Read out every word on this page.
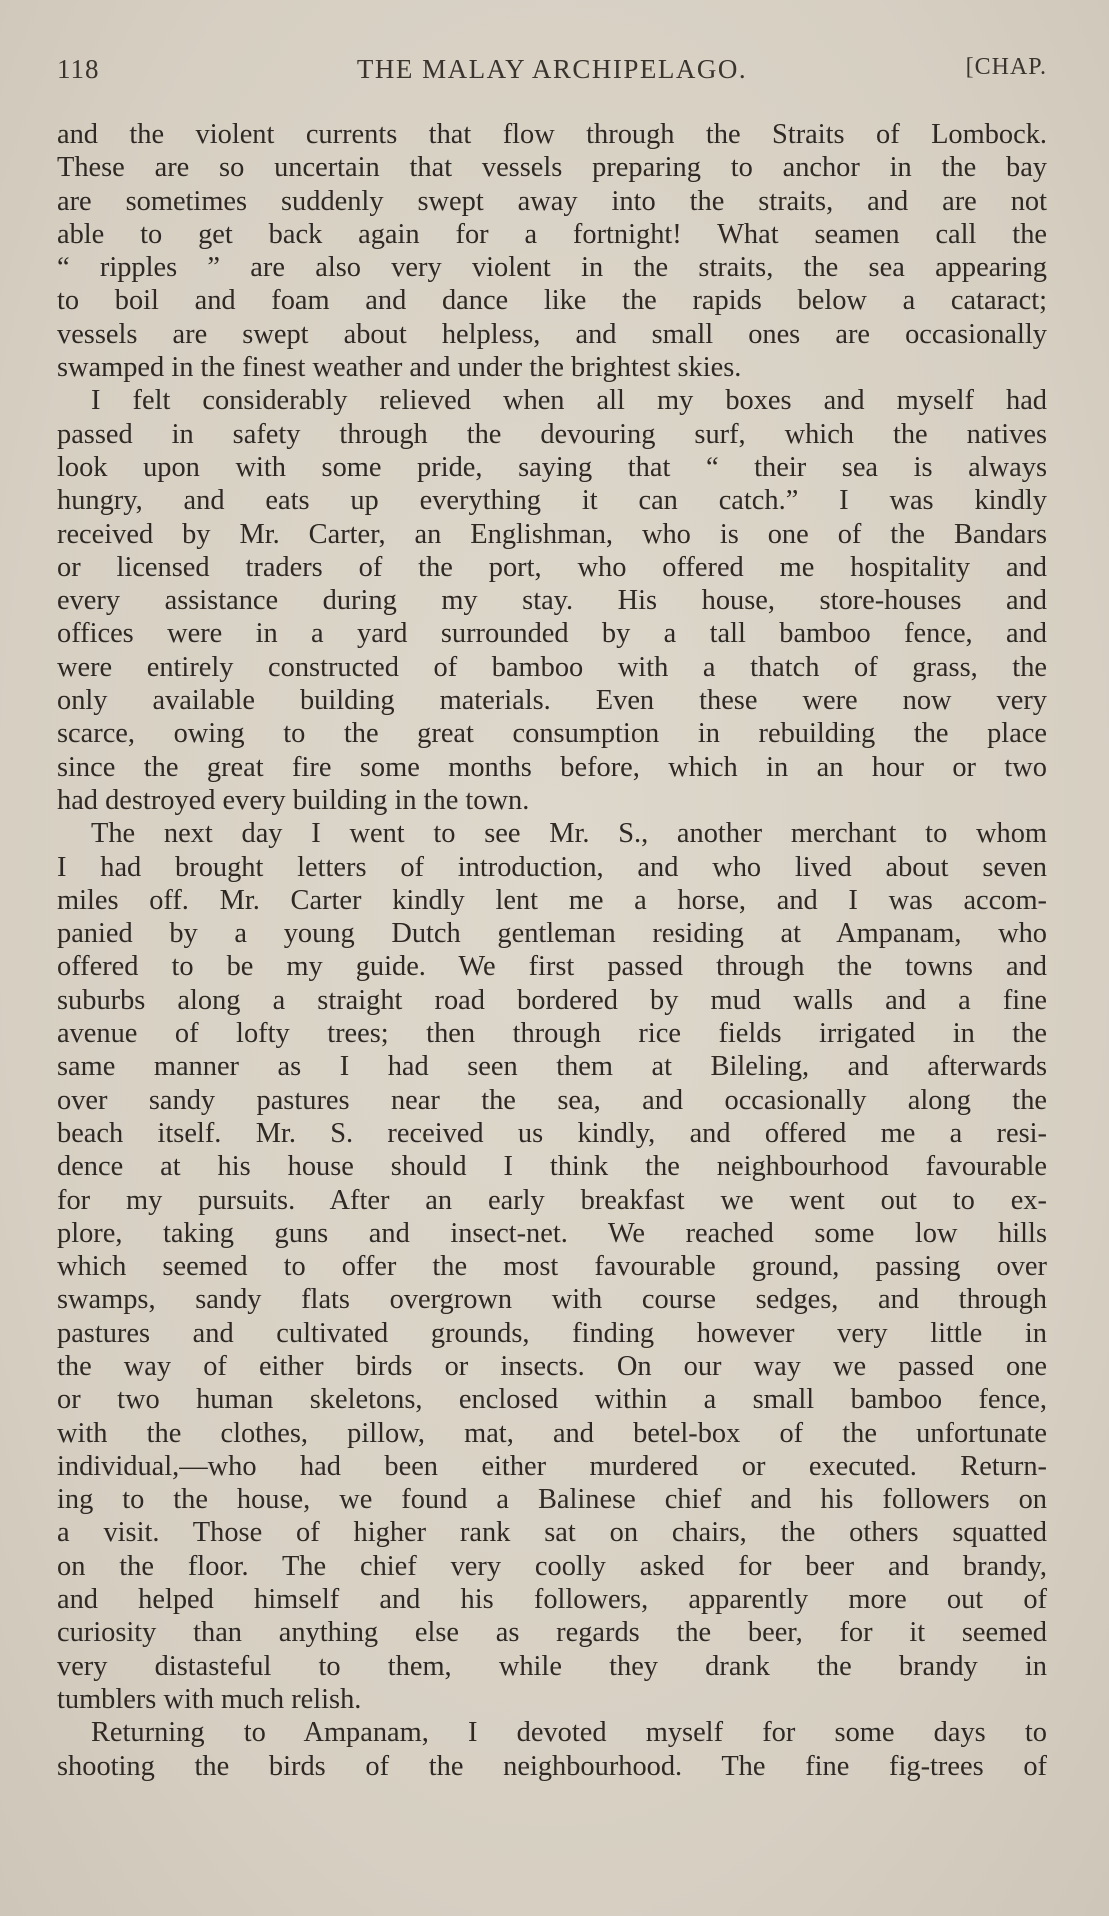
118	THE MALAY ARCHIPELAGO.	[CHAP.
and the violent currents that flow through the Straits of Lombock.
These are so uncertain that vessels preparing to anchor in the bay
are sometimes suddenly swept away into the straits, and are not
able to get back again for a fortnight! What seamen call the
“ ripples ” are also very violent in the straits, the sea appearing
to boil and foam and dance like the rapids below a cataract;
vessels are swept about helpless, and small ones are occasionally
swamped in the finest weather and under the brightest skies.
I felt considerably relieved when all my boxes and myself had
passed in safety through the devouring surf, which the natives
look upon with some pride, saying that “ their sea is always
hungry, and eats up everything it can catch.” I was kindly
received by Mr. Carter, an Englishman, who is one of the Bandars
or licensed traders of the port, who offered me hospitality and
every assistance during my stay. His house, store-houses and
offices were in a yard surrounded by a tall bamboo fence, and
were entirely constructed of bamboo with a thatch of grass, the
only available building materials. Even these were now very
scarce, owing to the great consumption in rebuilding the place
since the great fire some months before, which in an hour or two
had destroyed every building in the town.
The next day I went to see Mr. S., another merchant to whom
I had brought letters of introduction, and who lived about seven
miles off. Mr. Carter kindly lent me a horse, and I was accom-
panied by a young Dutch gentleman residing at Ampanam, who
offered to be my guide. We first passed through the towns and
suburbs along a straight road bordered by mud walls and a fine
avenue of lofty trees; then through rice fields irrigated in the
same manner as I had seen them at Bileling, and afterwards
over sandy pastures near the sea, and occasionally along the
beach itself. Mr. S. received us kindly, and offered me a resi-
dence at his house should I think the neighbourhood favourable
for my pursuits. After an early breakfast we went out to ex-
plore, taking guns and insect-net. We reached some low hills
which seemed to offer the most favourable ground, passing over
swamps, sandy flats overgrown with course sedges, and through
pastures and cultivated grounds, finding however very little in
the way of either birds or insects. On our way we passed one
or two human skeletons, enclosed within a small bamboo fence,
with the clothes, pillow, mat, and betel-box of the unfortunate
individual,—who had been either murdered or executed. Return-
ing to the house, we found a Balinese chief and his followers on
a visit. Those of higher rank sat on chairs, the others squatted
on the floor. The chief very coolly asked for beer and brandy,
and helped himself and his followers, apparently more out of
curiosity than anything else as regards the beer, for it seemed
very distasteful to them, while they drank the brandy in
tumblers with much relish.
Returning to Ampanam, I devoted myself for some days to
shooting the birds of the neighbourhood. The fine fig-trees of
